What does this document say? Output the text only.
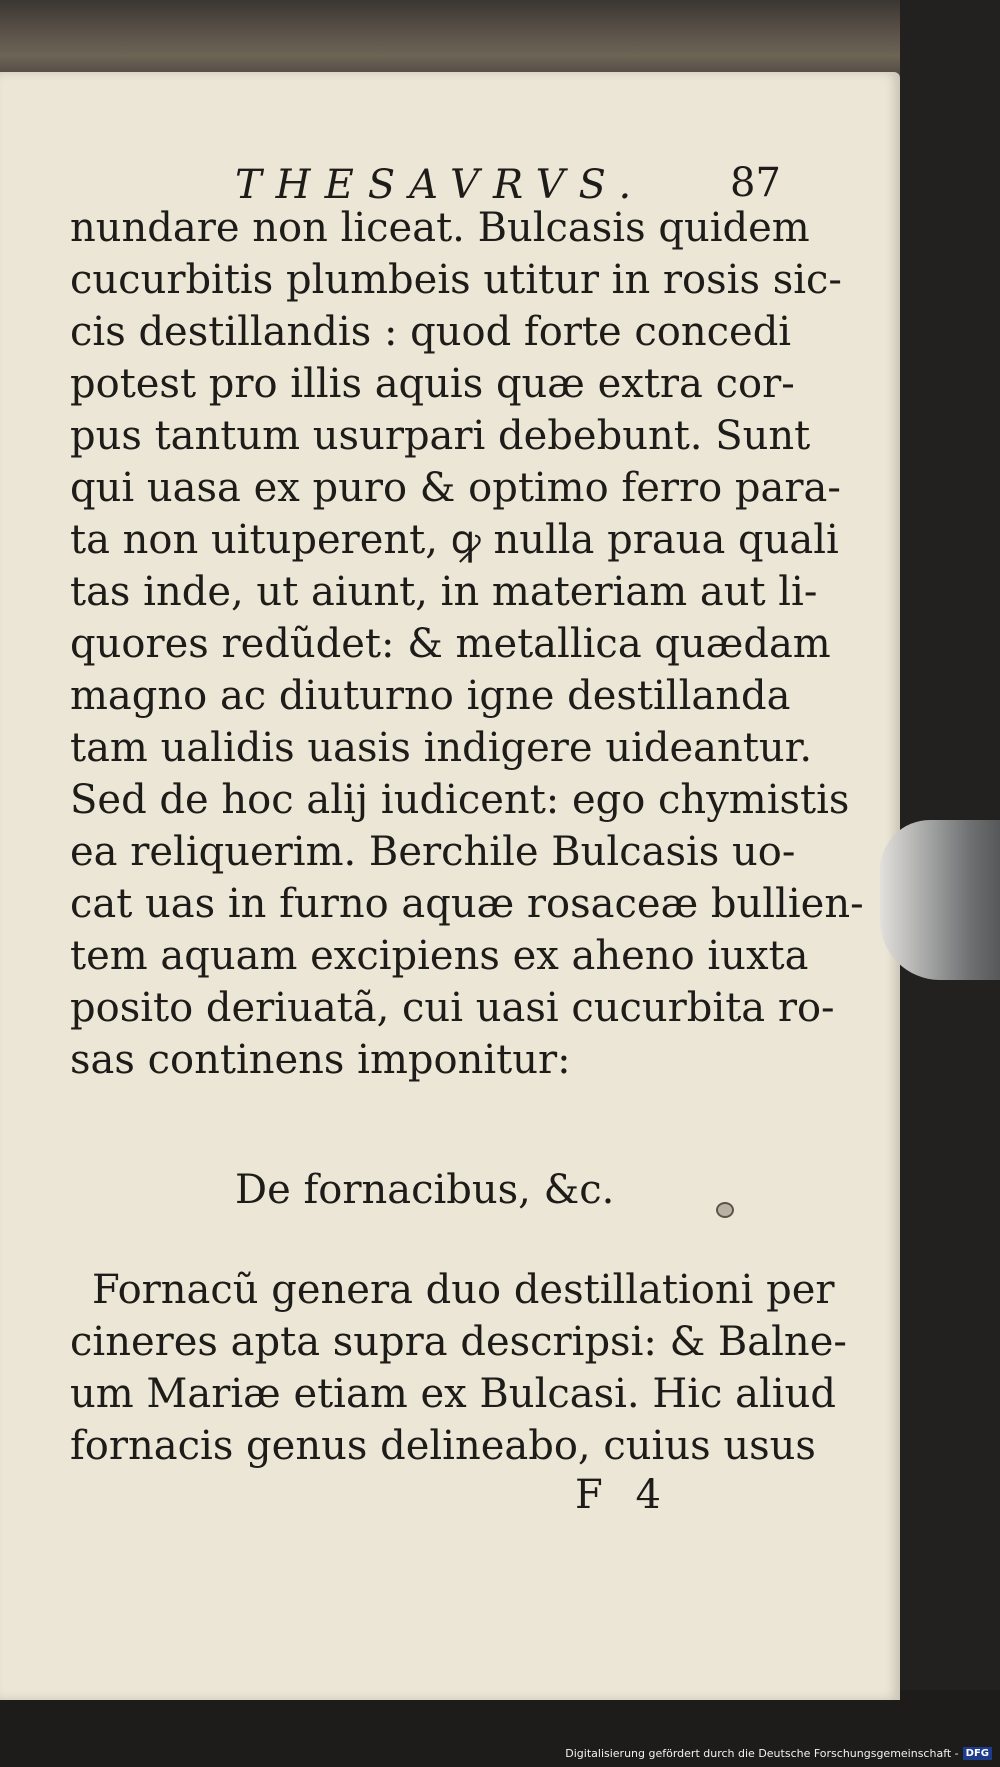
THESAVRVS. 87
nundare non liceat. Bulcasis quidem
cucurbitis plumbeis utitur in rosis sic-
cis destillandis : quod forte concedi
potest pro illis aquis quæ extra cor-
pus tantum usurpari debebunt. Sunt
qui uasa ex puro & optimo ferro para-
ta non uituperent, ꝙ nulla praua quali
tas inde, ut aiunt, in materiam aut li-
quores redũdet: & metallica quædam
magno ac diuturno igne destillanda
tam ualidis uasis indigere uideantur.
Sed de hoc alij iudicent: ego chymistis
ea reliquerim. Berchile Bulcasis uo-
cat uas in furno aquæ rosaceæ bullien-
tem aquam excipiens ex aheno iuxta
posito deriuatã, cui uasi cucurbita ro-
sas continens imponitur:
De fornacibus, &c.
Fornacũ genera duo destillationi per
cineres apta supra descripsi: & Balne-
um Mariæ etiam ex Bulcasi. Hic aliud
fornacis genus delineabo, cuius usus
F 4
Digitalisierung gefördert durch die Deutsche Forschungsgemeinschaft - DFG
